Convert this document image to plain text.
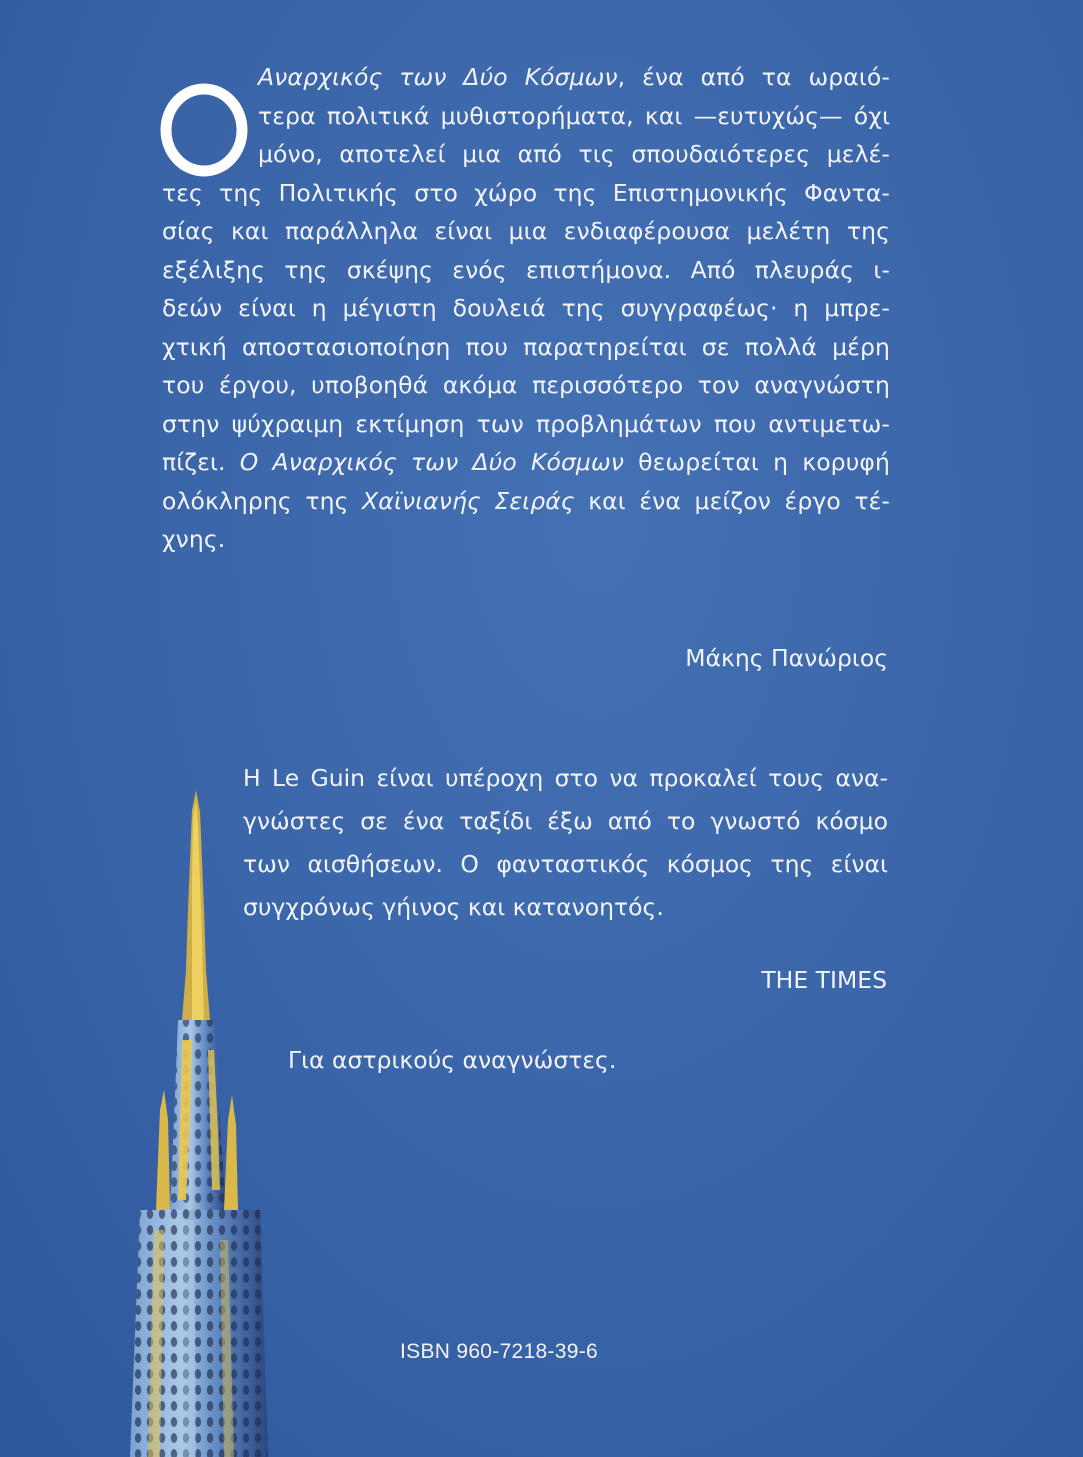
Αναρχικός των Δύο Κόσμων, ένα από τα ωραιό-
τερα πολιτικά μυθιστορήματα, και —ευτυχώς— όχι
μόνο, αποτελεί μια από τις σπουδαιότερες μελέ-
τες της Πολιτικής στο χώρο της Επιστημονικής Φαντα-
σίας και παράλληλα είναι μια ενδιαφέρουσα μελέτη της
εξέλιξης της σκέψης ενός επιστήμονα. Από πλευράς ι-
δεών είναι η μέγιστη δουλειά της συγγραφέως· η μπρε-
χτική αποστασιοποίηση που παρατηρείται σε πολλά μέρη
του έργου, υποβοηθά ακόμα περισσότερο τον αναγνώστη
στην ψύχραιμη εκτίμηση των προβλημάτων που αντιμετω-
πίζει. Ο Αναρχικός των Δύο Κόσμων θεωρείται η κορυφή
ολόκληρης της Χαϊνιανής Σειράς και ένα μείζον έργο τέ-
χνης.
Μάκης Πανώριος
Η Le Guin είναι υπέροχη στο να προκαλεί τους ανα-
γνώστες σε ένα ταξίδι έξω από το γνωστό κόσμο
των αισθήσεων. Ο φανταστικός κόσμος της είναι
συγχρόνως γήινος και κατανοητός.
THE TIMES
Για αστρικούς αναγνώστες.
ISBN 960-7218-39-6
